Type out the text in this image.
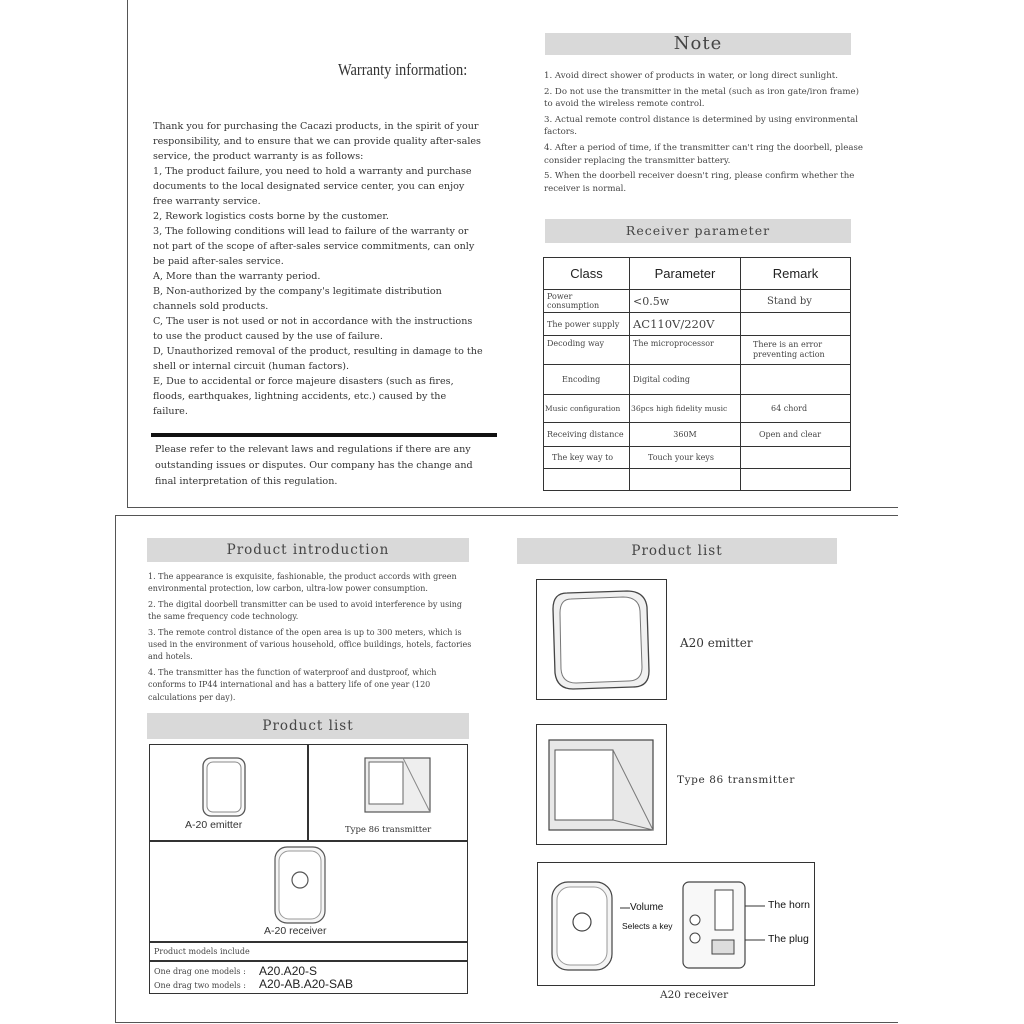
Warranty information:

Thank you for purchasing the Cacazi products, in the spirit of your responsibility, and to ensure that we can provide quality after-sales service, the product warranty is as follows:

1, The product failure, you need to hold a warranty and purchase documents to the local designated service center, you can enjoy free warranty service.

2, Rework logistics costs borne by the customer.

3, The following conditions will lead to failure of the warranty or not part of the scope of after-sales service commitments, can only be paid after-sales service.

A, More than the warranty period.

B, Non-authorized by the company's legitimate distribution channels sold products.

C, The user is not used or not in accordance with the instructions to use the product caused by the use of failure.

D, Unauthorized removal of the product, resulting in damage to the shell or internal circuit (human factors).

E, Due to accidental or force majeure disasters (such as fires, floods, earthquakes, lightning accidents, etc.) caused by the failure.

Please refer to the relevant laws and regulations if there are any outstanding issues or disputes. Our company has the change and final interpretation of this regulation.
Note

1. Avoid direct shower of products in water, or long direct sunlight.

2. Do not use the transmitter in the metal (such as iron gate/iron frame) to avoid the wireless remote control.

3. Actual remote control distance is determined by using environmental factors.

4. After a period of time, if the transmitter can't ring the doorbell, please consider replacing the transmitter battery.

5. When the doorbell receiver doesn't ring, please confirm whether the receiver is normal.

Receiver parameter
Class	Parameter	Remark
Power consumption	<0.5w	Stand by
The power supply	AC110V/220V	
Decoding way	The microprocessor	There is an error preventing action
Encoding	Digital coding	
Music configuration	36pcs high fidelity music	64 chord
Receiving distance	360M	Open and clear
The key way to	Touch your keys	

Product introduction

1. The appearance is exquisite, fashionable, the product accords with green environmental protection, low carbon, ultra-low power consumption.

2. The digital doorbell transmitter can be used to avoid interference by using the same frequency code technology.

3. The remote control distance of the open area is up to 300 meters, which is used in the environment of various household, office buildings, hotels, factories and hotels.

4. The transmitter has the function of waterproof and dustproof, which conforms to IP44 international and has a battery life of one year (120 calculations per day).

Product list
A-20 emitter	Type 86 transmitter
A-20 receiver
Product models include
One drag one models : A20.A20-S
One drag two models : A20-AB.A20-SAB
Product list
A20 emitter
Type 86 transmitter
Volume
Selects a key
The horn
The plug
A20 receiver
